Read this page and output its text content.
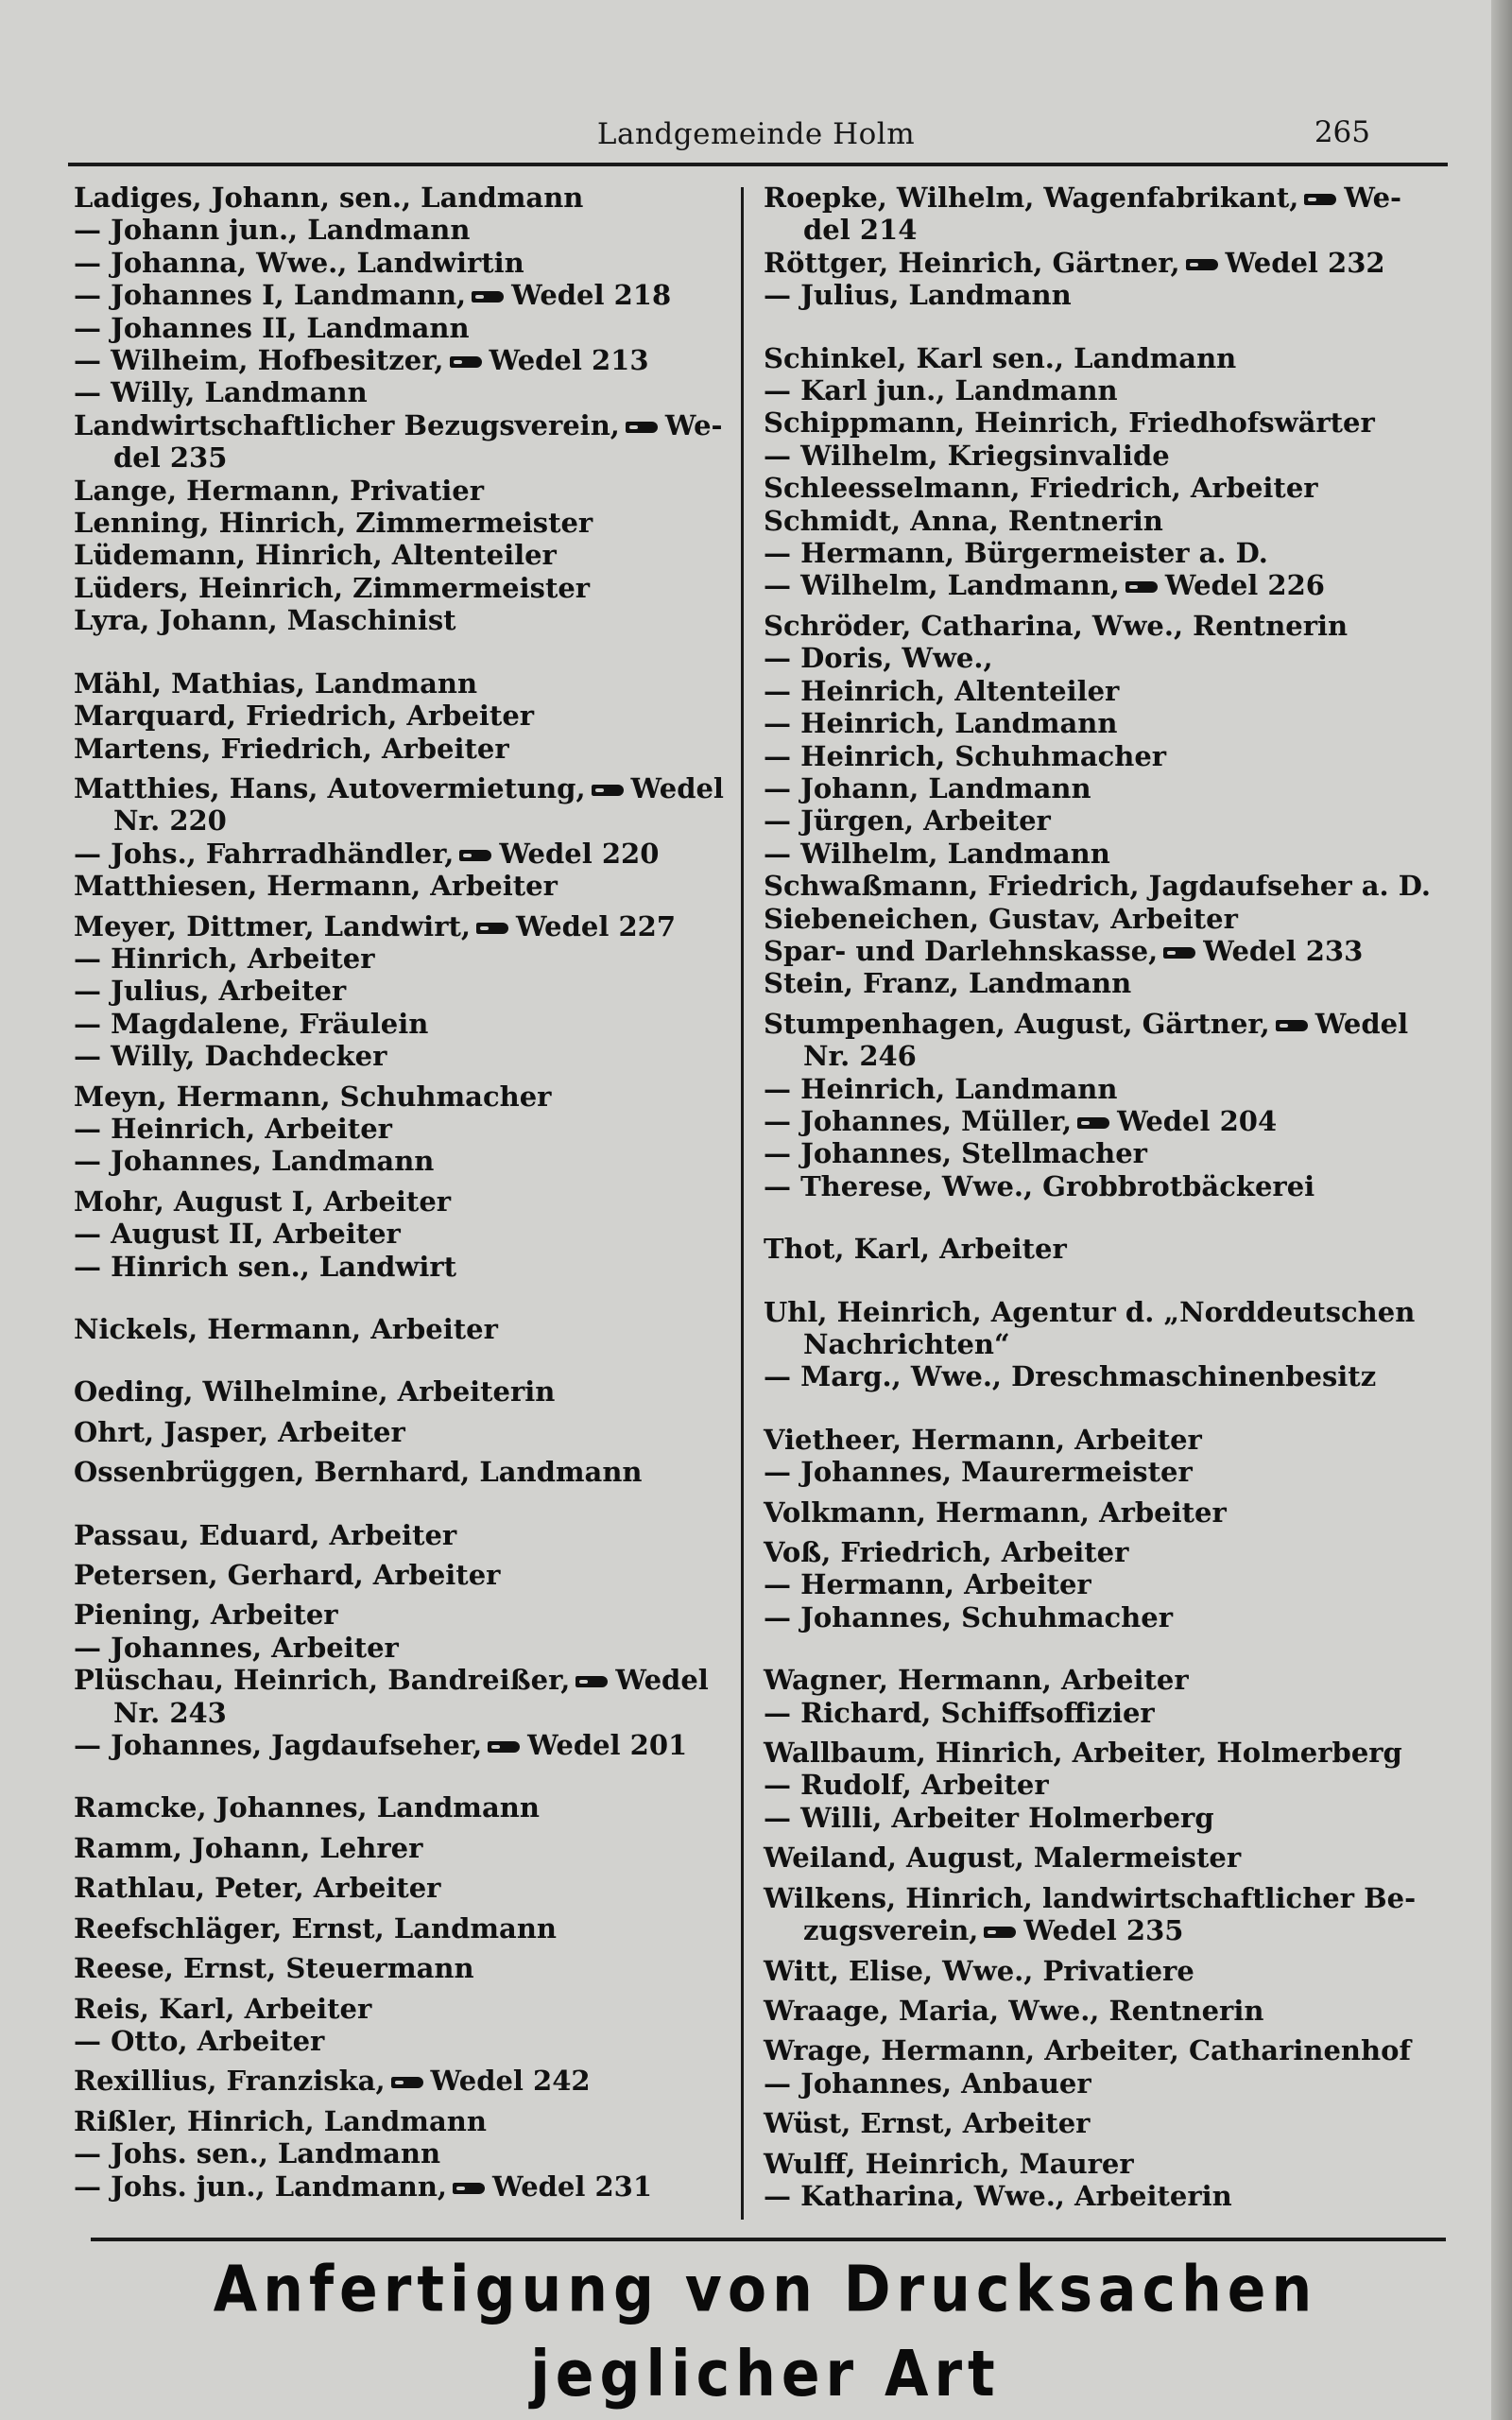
Landgemeinde Holm	265
Ladiges, Johann, sen., Landmann
— Johann jun., Landmann
— Johanna, Wwe., Landwirtin
— Johannes I, Landmann, Wedel 218
— Johannes II, Landmann
— Wilheim, Hofbesitzer, Wedel 213
— Willy, Landmann
Landwirtschaftlicher Bezugsverein, We-
del 235
Lange, Hermann, Privatier
Lenning, Hinrich, Zimmermeister
Lüdemann, Hinrich, Altenteiler
Lüders, Heinrich, Zimmermeister
Lyra, Johann, Maschinist
Mähl, Mathias, Landmann
Marquard, Friedrich, Arbeiter
Martens, Friedrich, Arbeiter
Matthies, Hans, Autovermietung, Wedel
Nr. 220
— Johs., Fahrradhändler, Wedel 220
Matthiesen, Hermann, Arbeiter
Meyer, Dittmer, Landwirt, Wedel 227
— Hinrich, Arbeiter
— Julius, Arbeiter
— Magdalene, Fräulein
— Willy, Dachdecker
Meyn, Hermann, Schuhmacher
— Heinrich, Arbeiter
— Johannes, Landmann
Mohr, August I, Arbeiter
— August II, Arbeiter
— Hinrich sen., Landwirt
Nickels, Hermann, Arbeiter
Oeding, Wilhelmine, Arbeiterin
Ohrt, Jasper, Arbeiter
Ossenbrüggen, Bernhard, Landmann
Passau, Eduard, Arbeiter
Petersen, Gerhard, Arbeiter
Piening, Arbeiter
— Johannes, Arbeiter
Plüschau, Heinrich, Bandreißer, Wedel
Nr. 243
— Johannes, Jagdaufseher, Wedel 201
Ramcke, Johannes, Landmann
Ramm, Johann, Lehrer
Rathlau, Peter, Arbeiter
Reefschläger, Ernst, Landmann
Reese, Ernst, Steuermann
Reis, Karl, Arbeiter
— Otto, Arbeiter
Rexillius, Franziska, Wedel 242
Rißler, Hinrich, Landmann
— Johs. sen., Landmann
— Johs. jun., Landmann, Wedel 231
Roepke, Wilhelm, Wagenfabrikant, We-
del 214
Röttger, Heinrich, Gärtner, Wedel 232
— Julius, Landmann
Schinkel, Karl sen., Landmann
— Karl jun., Landmann
Schippmann, Heinrich, Friedhofswärter
— Wilhelm, Kriegsinvalide
Schleesselmann, Friedrich, Arbeiter
Schmidt, Anna, Rentnerin
— Hermann, Bürgermeister a. D.
— Wilhelm, Landmann, Wedel 226
Schröder, Catharina, Wwe., Rentnerin
— Doris, Wwe.,
— Heinrich, Altenteiler
— Heinrich, Landmann
— Heinrich, Schuhmacher
— Johann, Landmann
— Jürgen, Arbeiter
— Wilhelm, Landmann
Schwaßmann, Friedrich, Jagdaufseher a. D.
Siebeneichen, Gustav, Arbeiter
Spar- und Darlehnskasse, Wedel 233
Stein, Franz, Landmann
Stumpenhagen, August, Gärtner, Wedel
Nr. 246
— Heinrich, Landmann
— Johannes, Müller, Wedel 204
— Johannes, Stellmacher
— Therese, Wwe., Grobbrotbäckerei
Thot, Karl, Arbeiter
Uhl, Heinrich, Agentur d. „Norddeutschen
Nachrichten“
— Marg., Wwe., Dreschmaschinenbesitz
Vietheer, Hermann, Arbeiter
— Johannes, Maurermeister
Volkmann, Hermann, Arbeiter
Voß, Friedrich, Arbeiter
— Hermann, Arbeiter
— Johannes, Schuhmacher
Wagner, Hermann, Arbeiter
— Richard, Schiffsoffizier
Wallbaum, Hinrich, Arbeiter, Holmerberg
— Rudolf, Arbeiter
— Willi, Arbeiter Holmerberg
Weiland, August, Malermeister
Wilkens, Hinrich, landwirtschaftlicher Be-
zugsverein, Wedel 235
Witt, Elise, Wwe., Privatiere
Wraage, Maria, Wwe., Rentnerin
Wrage, Hermann, Arbeiter, Catharinenhof
— Johannes, Anbauer
Wüst, Ernst, Arbeiter
Wulff, Heinrich, Maurer
— Katharina, Wwe., Arbeiterin
Anfertigung von Drucksachen jeglicher Art
